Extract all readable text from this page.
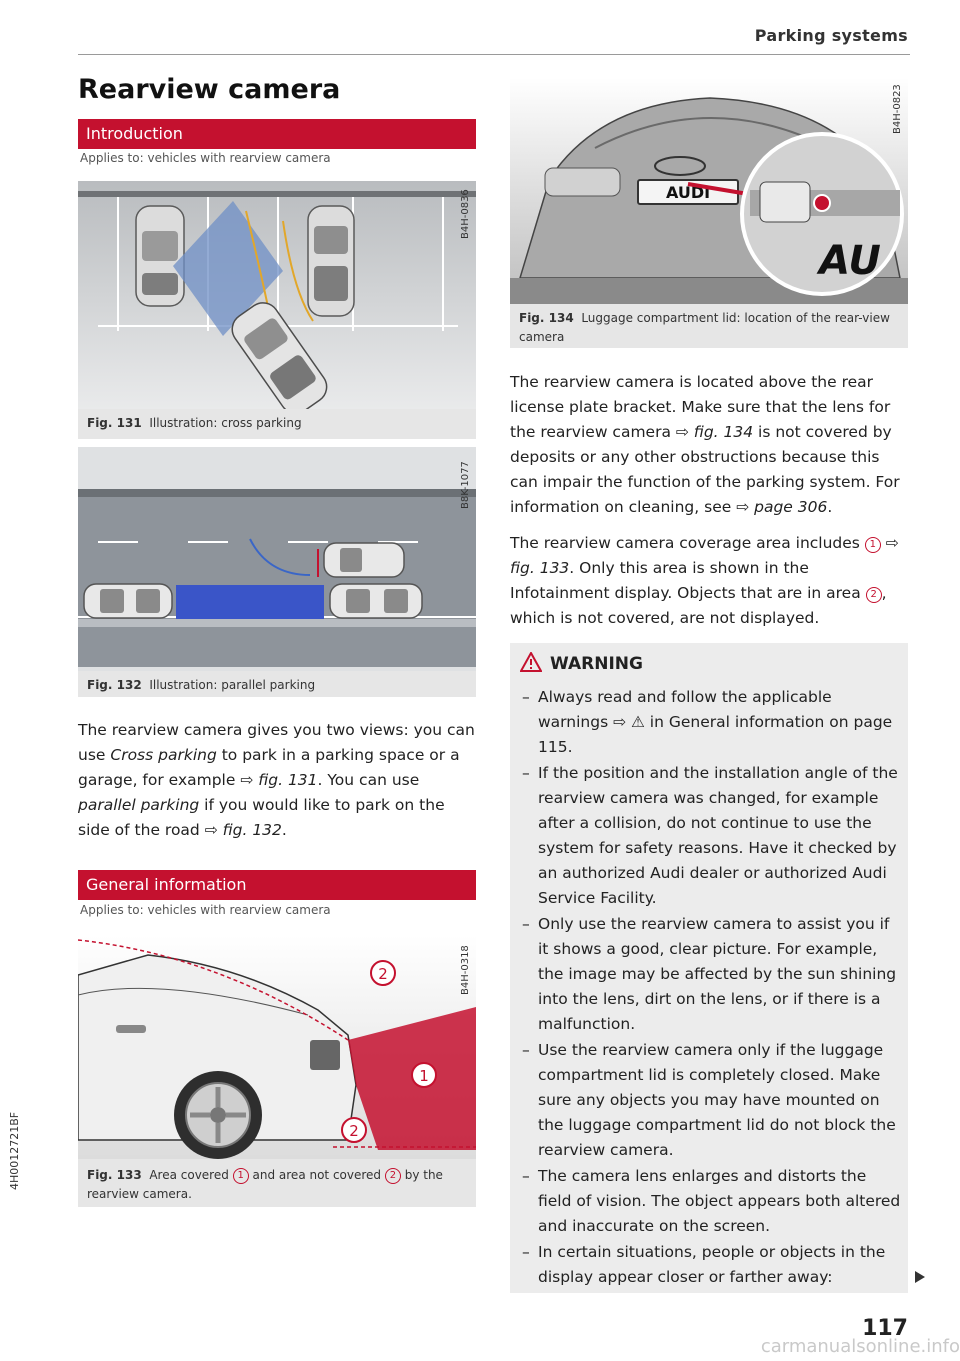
Parking systems
4H0012721BF
Rearview camera
Introduction
Applies to: vehicles with rearview camera
B4H-0836
Fig. 131 Illustration: cross parking
B8K-1077
Fig. 132 Illustration: parallel parking
The rearview camera gives you two views: you can use Cross parking to park in a parking space or a garage, for example ⇨ fig. 131. You can use parallel parking if you would like to park on the side of the road ⇨ fig. 132.
General information
Applies to: vehicles with rearview camera
1
2
2
B4H-0318
Fig. 133 Area covered 1 and area not covered 2 by the rearview camera.
AUDI
AU
B4H-0823
Fig. 134 Luggage compartment lid: location of the rear-view camera
The rearview camera is located above the rear license plate bracket. Make sure that the lens for the rearview camera ⇨ fig. 134 is not covered by deposits or any other obstructions because this can impair the function of the parking system. For information on cleaning, see ⇨ page 306.
The rearview camera coverage area includes 1 ⇨ fig. 133. Only this area is shown in the Infotainment display. Objects that are in area 2 , which is not covered, are not displayed.
WARNING
– Always read and follow the applicable warnings ⇨ ⚠ in General information on page 115.
– If the position and the installation angle of the rearview camera was changed, for example after a collision, do not continue to use the system for safety reasons. Have it checked by an authorized Audi dealer or authorized Audi Service Facility.
– Only use the rearview camera to assist you if it shows a good, clear picture. For example, the image may be affected by the sun shining into the lens, dirt on the lens, or if there is a malfunction.
– Use the rearview camera only if the luggage compartment lid is completely closed. Make sure any objects you may have mounted on the luggage compartment lid do not block the rearview camera.
– The camera lens enlarges and distorts the field of vision. The object appears both altered and inaccurate on the screen.
– In certain situations, people or objects in the display appear closer or farther away:
117
carmanualsonline.info
